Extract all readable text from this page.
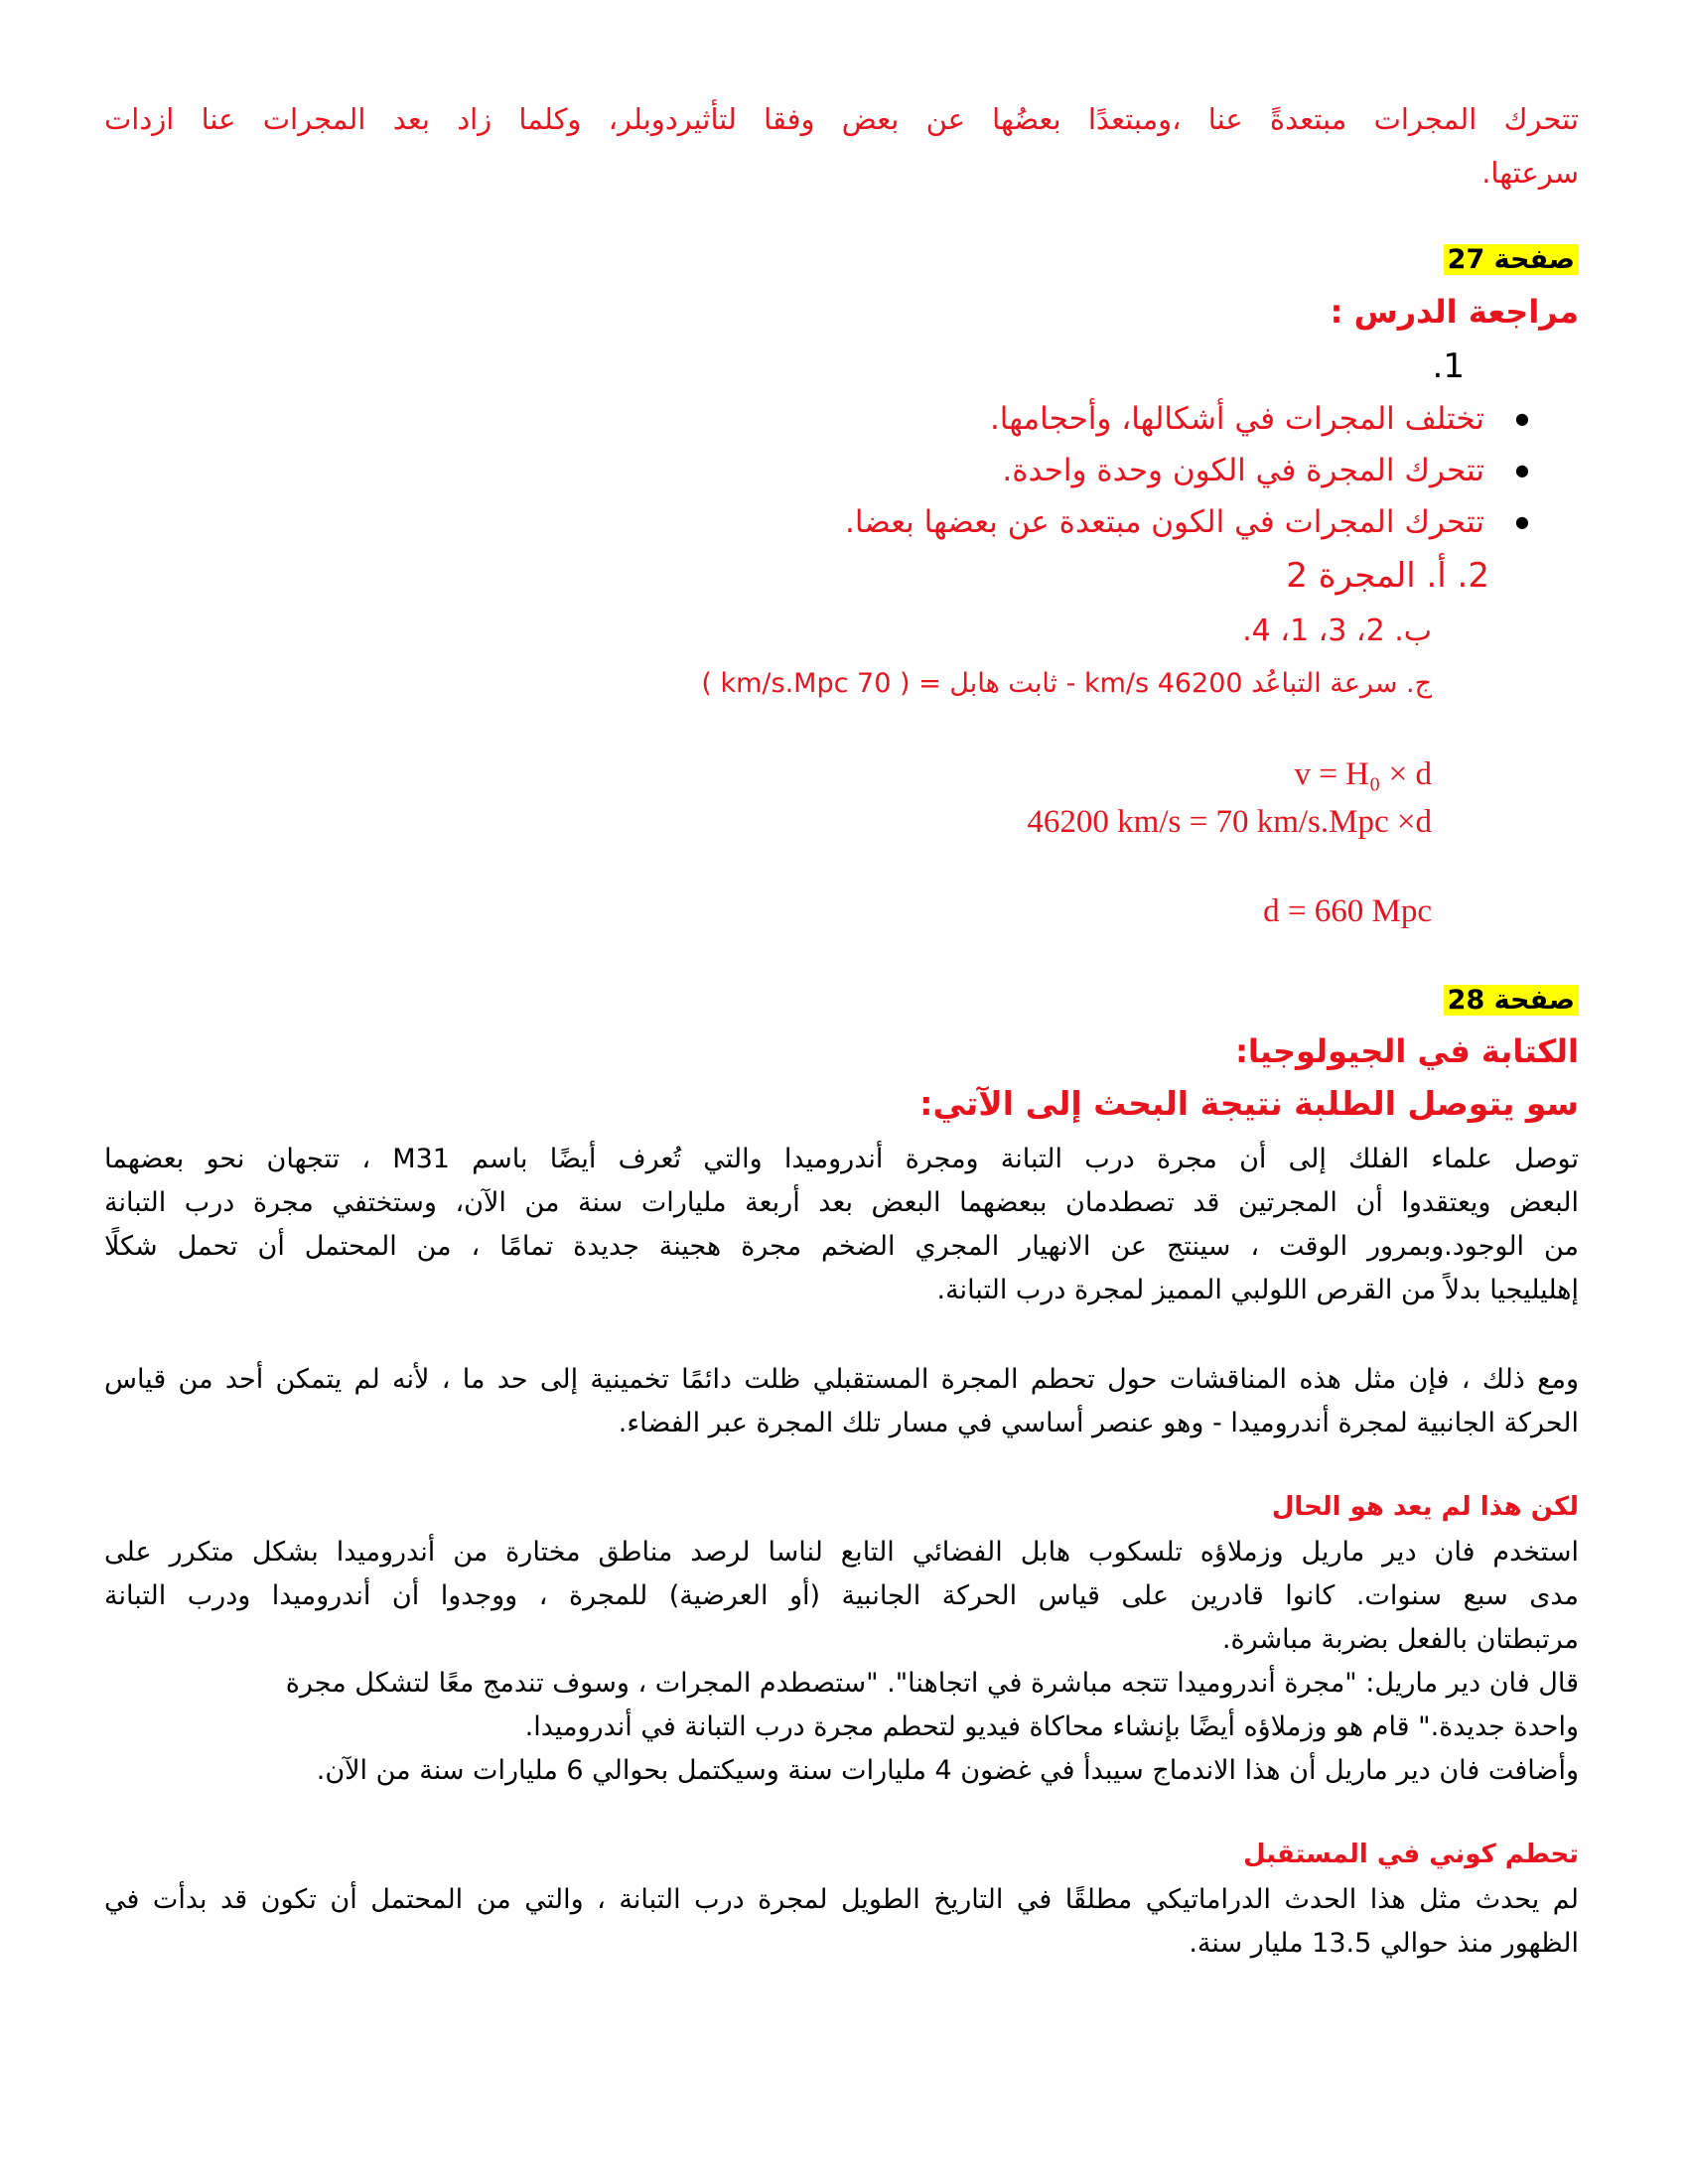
تتحرك المجرات مبتعدةً عنا ،ومبتعدًا بعضُها عن بعض وفقا لتأثيردوبلر، وكلما زاد بعد المجرات عنا ازدات
سرعتها.
صفحة 27
مراجعة الدرس :
1.
●
تختلف المجرات في أشكالها، وأحجامها.
●
تتحرك المجرة في الكون وحدة واحدة.
●
تتحرك المجرات في الكون مبتعدة عن بعضها بعضا.
2. أ. المجرة 2
ب. 2، 3، 1، 4.
ج. سرعة التباعُد 46200 km/s - ثابت هابل = ( 70 km/s.Mpc )
v = H₀ × d
46200 km/s = 70 km/s.Mpc ×d
d = 660 Mpc
صفحة 28
الكتابة في الجيولوجيا:
سو يتوصل الطلبة نتيجة البحث إلى الآتي:
توصل علماء الفلك إلى أن مجرة درب التبانة ومجرة أندروميدا والتي تُعرف أيضًا باسم M31 ، تتجهان نحو بعضهما
البعض ويعتقدوا أن المجرتين قد تصطدمان ببعضهما البعض بعد أربعة مليارات سنة من الآن، وستختفي مجرة درب التبانة
من الوجود.وبمرور الوقت ، سينتج عن الانهيار المجري الضخم مجرة هجينة جديدة تمامًا ، من المحتمل أن تحمل شكلًا
إهليليجيا بدلاً من القرص اللولبي المميز لمجرة درب التبانة.
ومع ذلك ، فإن مثل هذه المناقشات حول تحطم المجرة المستقبلي ظلت دائمًا تخمينية إلى حد ما ، لأنه لم يتمكن أحد من قياس
الحركة الجانبية لمجرة أندروميدا - وهو عنصر أساسي في مسار تلك المجرة عبر الفضاء.
لكن هذا لم يعد هو الحال
استخدم فان دير ماريل وزملاؤه تلسكوب هابل الفضائي التابع لناسا لرصد مناطق مختارة من أندروميدا بشكل متكرر على
مدى سبع سنوات. كانوا قادرين على قياس الحركة الجانبية (أو العرضية) للمجرة ، ووجدوا أن أندروميدا ودرب التبانة
مرتبطتان بالفعل بضربة مباشرة.
قال فان دير ماريل: "مجرة أندروميدا تتجه مباشرة في اتجاهنا". "ستصطدم المجرات ، وسوف تندمج معًا لتشكل مجرة
واحدة جديدة." قام هو وزملاؤه أيضًا بإنشاء محاكاة فيديو لتحطم مجرة درب التبانة في أندروميدا.
وأضافت فان دير ماريل أن هذا الاندماج سيبدأ في غضون 4 مليارات سنة وسيكتمل بحوالي 6 مليارات سنة من الآن.
تحطم كوني في المستقبل
لم يحدث مثل هذا الحدث الدراماتيكي مطلقًا في التاريخ الطويل لمجرة درب التبانة ، والتي من المحتمل أن تكون قد بدأت في
الظهور منذ حوالي 13.5 مليار سنة.
